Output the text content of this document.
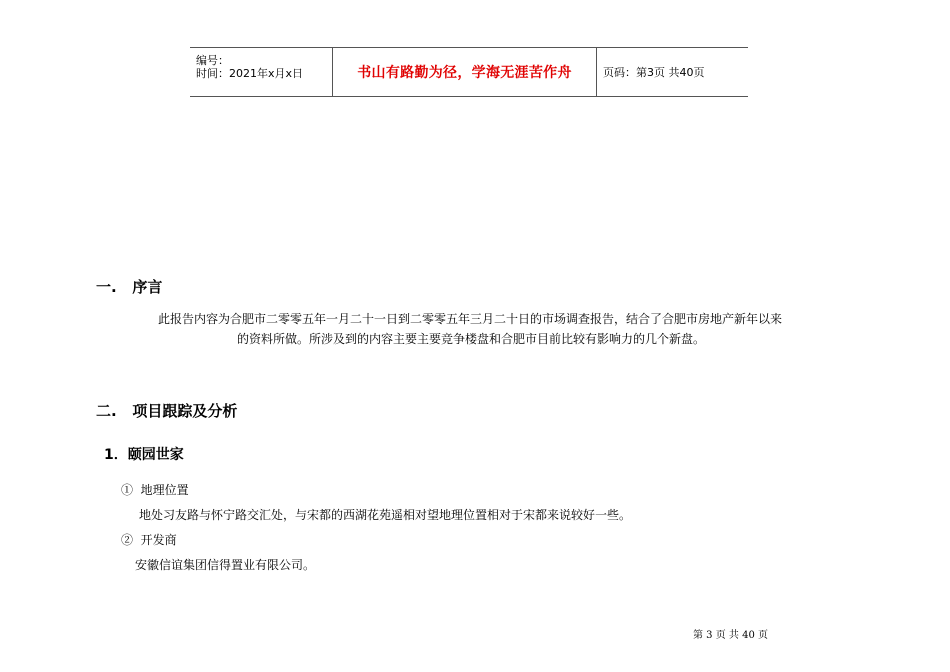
编号：
时间：2021年x月x日	书山有路勤为径，学海无涯苦作舟	页码：第3页 共40页
一.   序言
此报告内容为合肥市二零零五年一月二十一日到二零零五年三月二十日的市场调查报告，结合了合肥市房地产新年以来
的资料所做。所涉及到的内容主要主要竞争楼盘和合肥市目前比较有影响力的几个新盘。
二.   项目跟踪及分析
1．颐园世家
①  地理位置
地处习友路与怀宁路交汇处，与宋都的西湖花苑遥相对望地理位置相对于宋都来说较好一些。
②  开发商
安徽信谊集团信得置业有限公司。
第 3 页 共 40 页
